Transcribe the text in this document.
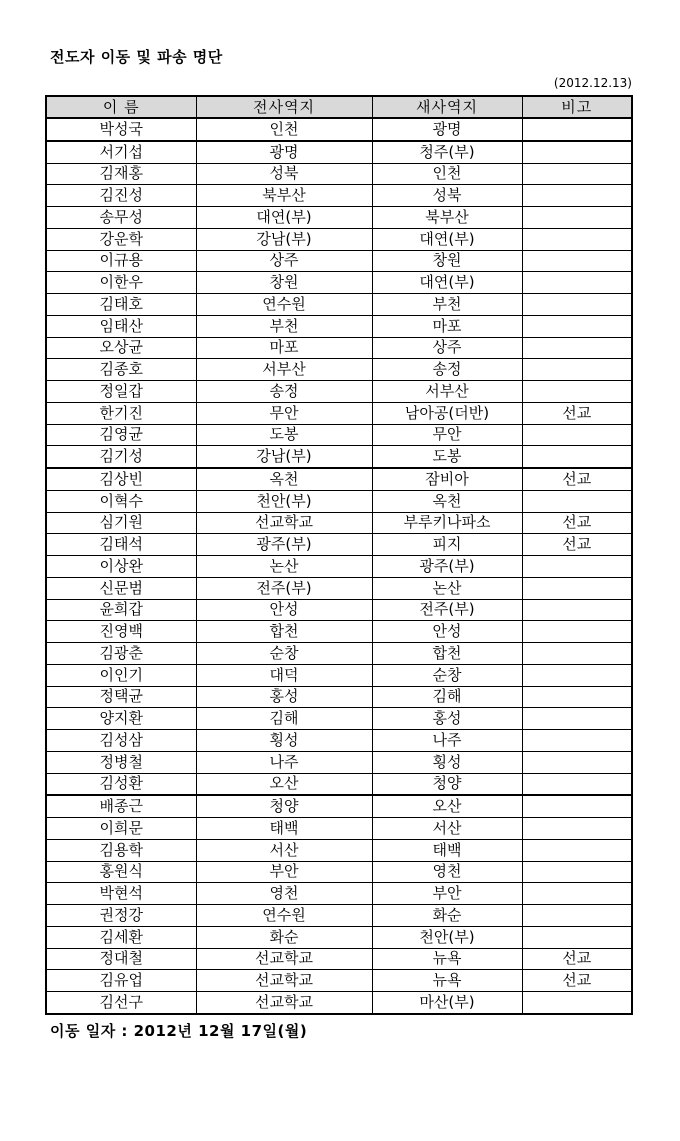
전도자 이동 및 파송 명단
(2012.12.13)
이 름	전사역지	새사역지	비고
박성국	인천	광명	
서기섭	광명	청주(부)	
김재홍	성북	인천	
김진성	북부산	성북	
송무성	대연(부)	북부산	
강운학	강남(부)	대연(부)	
이규용	상주	창원	
이한우	창원	대연(부)	
김태호	연수원	부천	
임태산	부천	마포	
오상균	마포	상주	
김종호	서부산	송정	
정일갑	송정	서부산	
한기진	무안	남아공(더반)	선교
김영균	도봉	무안	
김기성	강남(부)	도봉	
김상빈	옥천	잠비아	선교
이혁수	천안(부)	옥천	
심기원	선교학교	부루키나파소	선교
김태석	광주(부)	피지	선교
이상완	논산	광주(부)	
신문범	전주(부)	논산	
윤희갑	안성	전주(부)	
진영백	합천	안성	
김광춘	순창	합천	
이인기	대덕	순창	
정택균	홍성	김해	
양지환	김해	홍성	
김성삼	횡성	나주	
정병철	나주	횡성	
김성환	오산	청양	
배종근	청양	오산	
이희문	태백	서산	
김용학	서산	태백	
홍원식	부안	영천	
박현석	영천	부안	
권정강	연수원	화순	
김세환	화순	천안(부)	
정대철	선교학교	뉴욕	선교
김유업	선교학교	뉴욕	선교
김선구	선교학교	마산(부)	
이동 일자 : 2012년 12월 17일(월)
